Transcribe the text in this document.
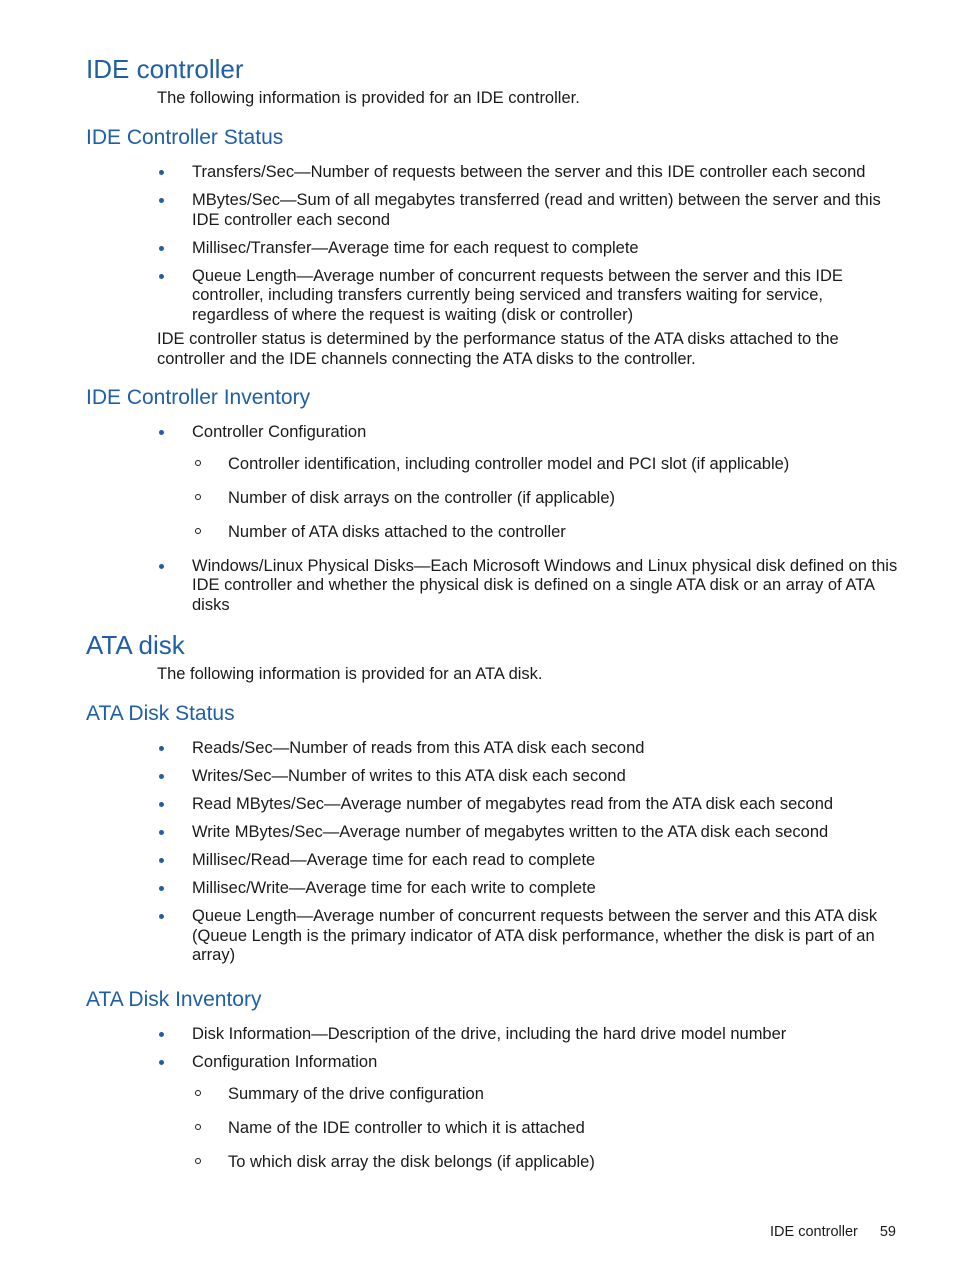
IDE controller

The following information is provided for an IDE controller.

IDE Controller Status
Transfers/Sec—Number of requests between the server and this IDE controller each second
MBytes/Sec—Sum of all megabytes transferred (read and written) between the server and this IDE controller each second
Millisec/Transfer—Average time for each request to complete
Queue Length—Average number of concurrent requests between the server and this IDE controller, including transfers currently being serviced and transfers waiting for service, regardless of where the request is waiting (disk or controller)

IDE controller status is determined by the performance status of the ATA disks attached to the controller and the IDE channels connecting the ATA disks to the controller.

IDE Controller Inventory
Controller Configuration
Controller identification, including controller model and PCI slot (if applicable)
Number of disk arrays on the controller (if applicable)
Number of ATA disks attached to the controller
Windows/Linux Physical Disks—Each Microsoft Windows and Linux physical disk defined on this IDE controller and whether the physical disk is defined on a single ATA disk or an array of ATA disks
ATA disk

The following information is provided for an ATA disk.

ATA Disk Status
Reads/Sec—Number of reads from this ATA disk each second
Writes/Sec—Number of writes to this ATA disk each second
Read MBytes/Sec—Average number of megabytes read from the ATA disk each second
Write MBytes/Sec—Average number of megabytes written to the ATA disk each second
Millisec/Read—Average time for each read to complete
Millisec/Write—Average time for each write to complete
Queue Length—Average number of concurrent requests between the server and this ATA disk (Queue Length is the primary indicator of ATA disk performance, whether the disk is part of an array)
ATA Disk Inventory
Disk Information—Description of the drive, including the hard drive model number
Configuration Information
Summary of the drive configuration
Name of the IDE controller to which it is attached
To which disk array the disk belongs (if applicable)
IDE controller 59
